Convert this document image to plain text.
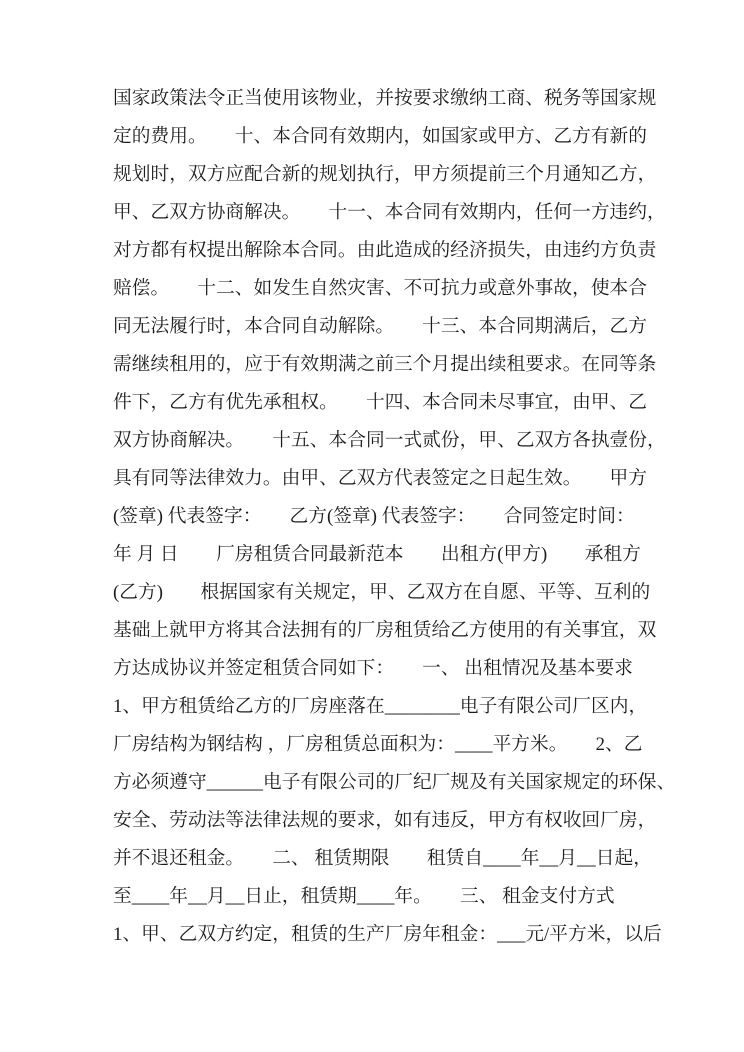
国家政策法令正当使用该物业，并按要求缴纳工商、税务等国家规
定的费用。　　十、本合同有效期内，如国家或甲方、乙方有新的
规划时，双方应配合新的规划执行，甲方须提前三个月通知乙方，
甲、乙双方协商解决。　　十一、本合同有效期内，任何一方违约，
对方都有权提出解除本合同。由此造成的经济损失，由违约方负责
赔偿。　　十二、如发生自然灾害、不可抗力或意外事故，使本合
同无法履行时，本合同自动解除。　　十三、本合同期满后，乙方
需继续租用的，应于有效期满之前三个月提出续租要求。在同等条
件下，乙方有优先承租权。　　十四、本合同未尽事宜，由甲、乙
双方协商解决。　　十五、本合同一式贰份，甲、乙双方各执壹份，
具有同等法律效力。由甲、乙双方代表签定之日起生效。　　甲方
(签章) 代表签字：　　乙方(签章) 代表签字：　　合同签定时间：
年 月 日　　厂房租赁合同最新范本　　出租方(甲方)　　承租方
(乙方)　　根据国家有关规定，甲、乙双方在自愿、平等、互利的
基础上就甲方将其合法拥有的厂房租赁给乙方使用的有关事宜，双
方达成协议并签定租赁合同如下：　　一、 出租情况及基本要求
1、甲方租赁给乙方的厂房座落在________电子有限公司厂区内，
厂房结构为钢结构 ，厂房租赁总面积为：____平方米。　　2、乙
方必须遵守______电子有限公司的厂纪厂规及有关国家规定的环保、
安全、劳动法等法律法规的要求，如有违反，甲方有权收回厂房，
并不退还租金。　　二、 租赁期限　　租赁自____年__月__日起，
至____年__月__日止，租赁期____年。　　三、 租金支付方式
1、甲、乙双方约定，租赁的生产厂房年租金：___元/平方米，以后
